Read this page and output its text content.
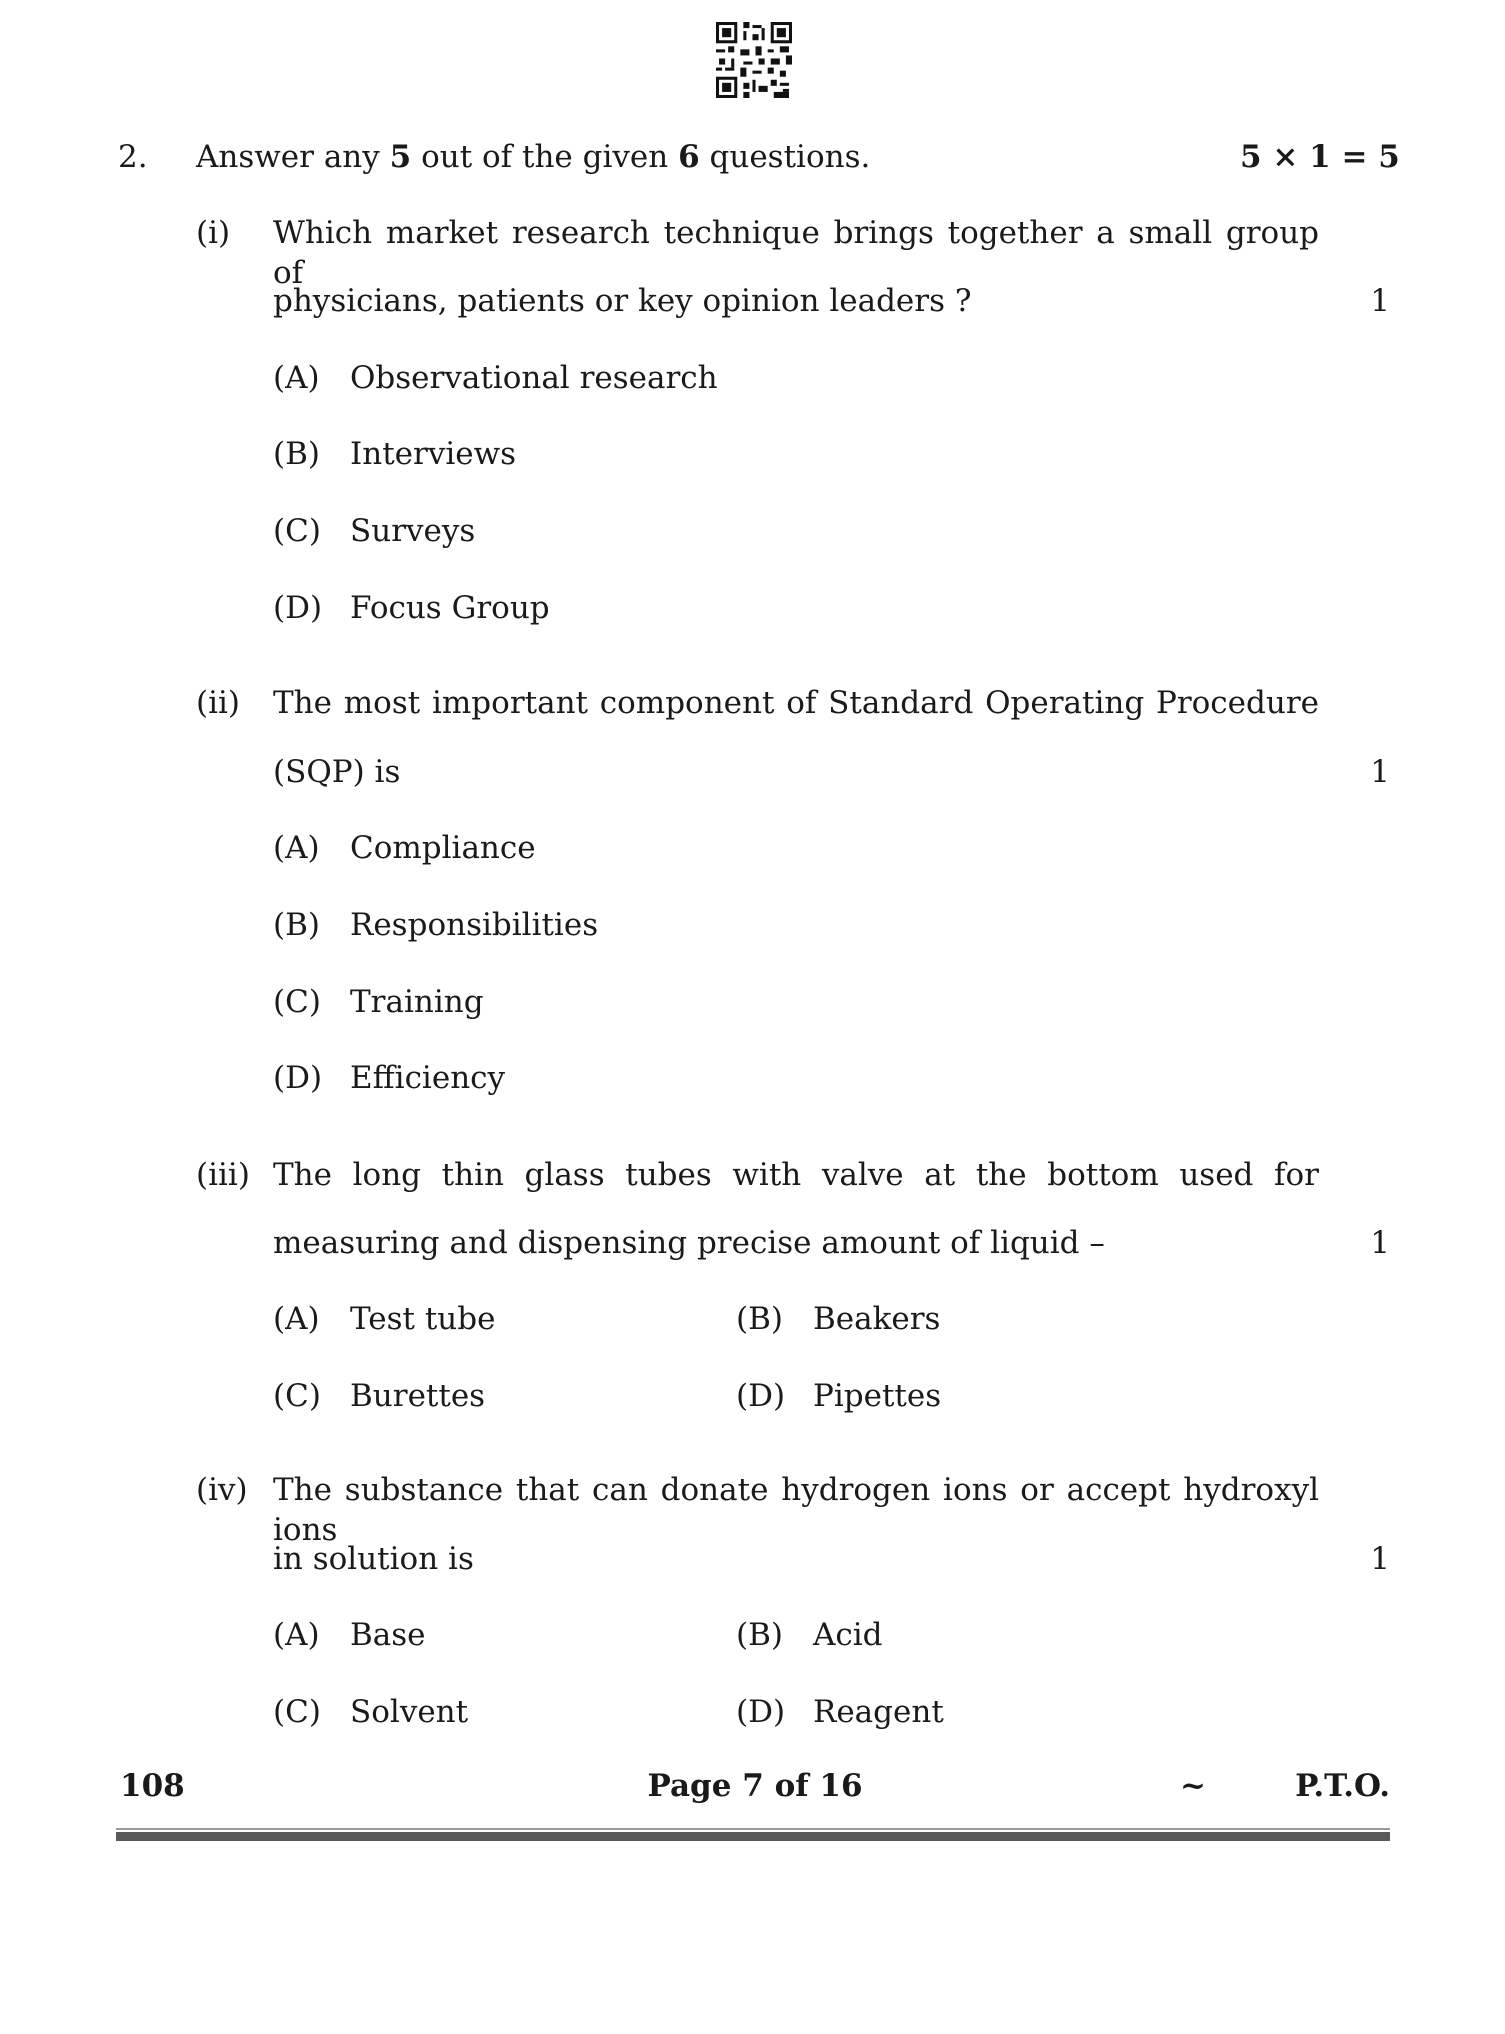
2. Answer any 5 out of the given 6 questions.	5 × 1 = 5
(i) Which market research technique brings together a small group of
physicians, patients or key opinion leaders ?	1
(A) Observational research
(B) Interviews
(C) Surveys
(D) Focus Group
(ii) The most important component of Standard Operating Procedure
(SQP) is	1
(A) Compliance
(B) Responsibilities
(C) Training
(D) Efficiency
(iii) The long thin glass tubes with valve at the bottom used for
measuring and dispensing precise amount of liquid –	1
(A) Test tube	(B) Beakers
(C) Burettes	(D) Pipettes
(iv) The substance that can donate hydrogen ions or accept hydroxyl ions
in solution is	1
(A) Base	(B) Acid
(C) Solvent	(D) Reagent
108	Page 7 of 16	~	P.T.O.
